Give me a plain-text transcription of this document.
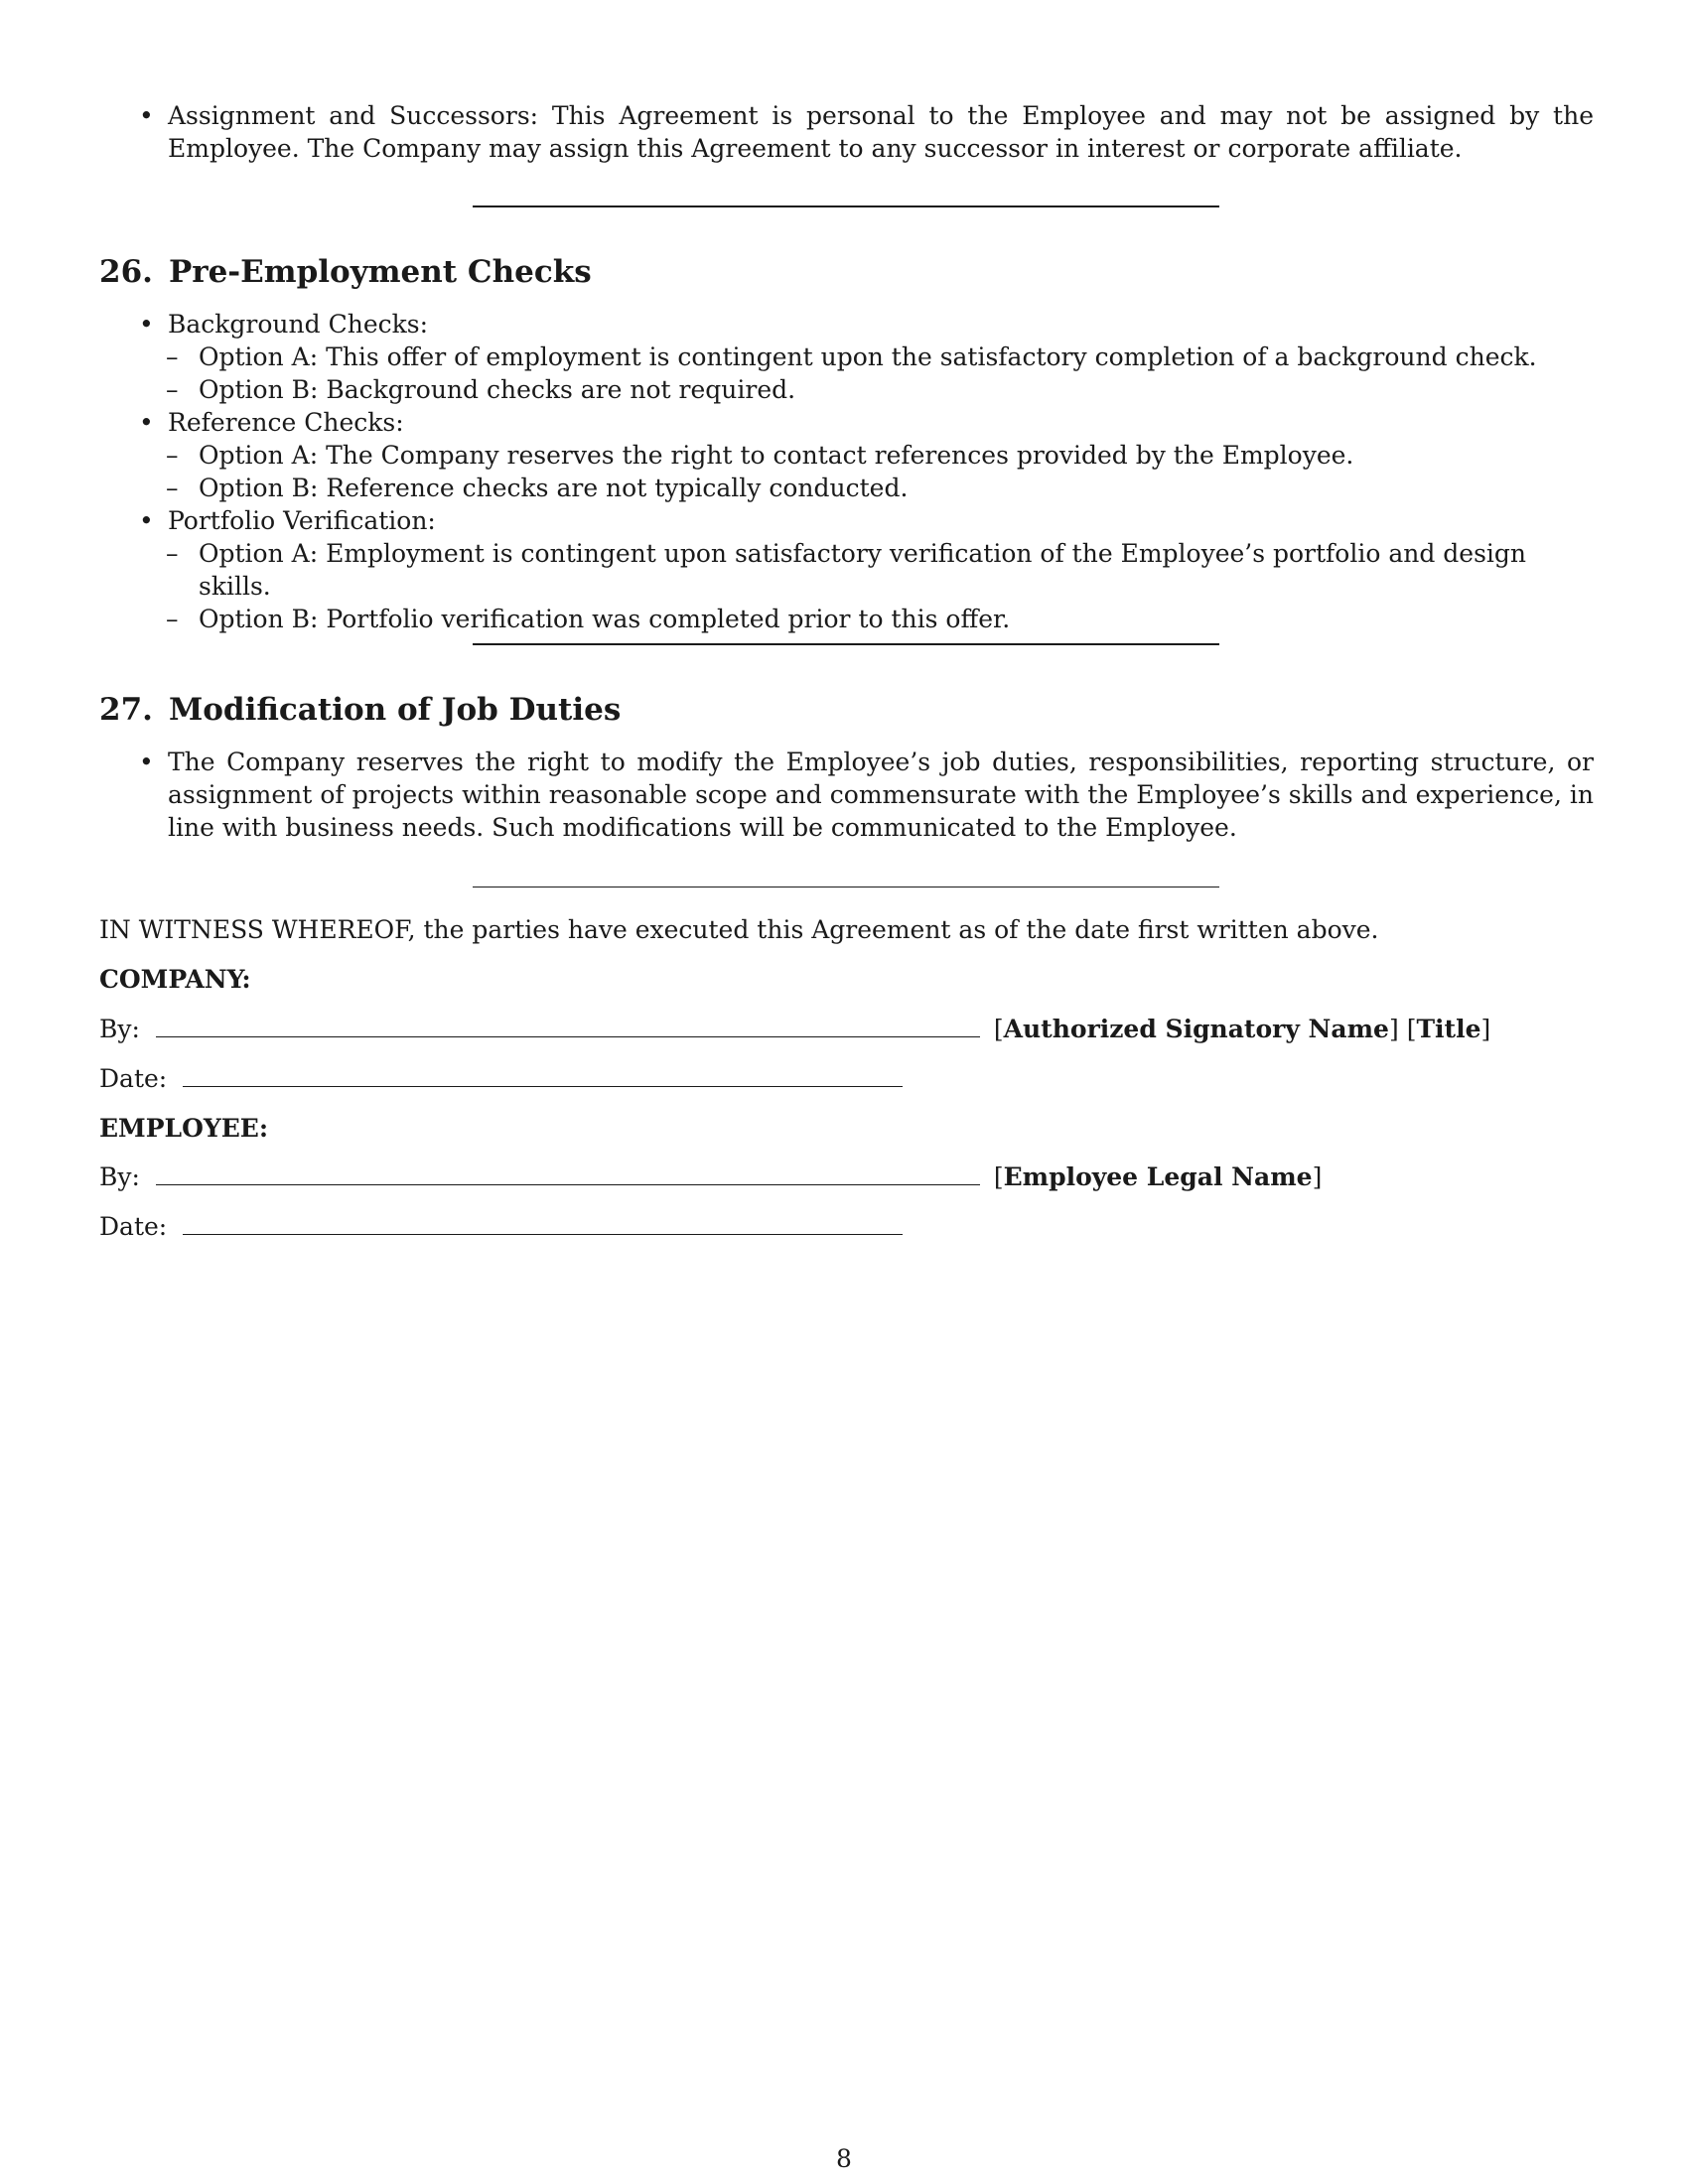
• Assignment and Successors: This Agreement is personal to the Employee and may not be assigned by the Employee. The Company may assign this Agreement to any successor in interest or corporate affiliate.
26. Pre-Employment Checks
• Background Checks:
– Option A: This offer of employment is contingent upon the satisfactory completion of a background check.
– Option B: Background checks are not required.
• Reference Checks:
– Option A: The Company reserves the right to contact references provided by the Employee.
– Option B: Reference checks are not typically conducted.
• Portfolio Verification:
– Option A: Employment is contingent upon satisfactory verification of the Employee’s portfolio and design skills.
– Option B: Portfolio verification was completed prior to this offer.
27. Modification of Job Duties
• The Company reserves the right to modify the Employee’s job duties, responsibilities, reporting structure, or assignment of projects within reasonable scope and commensurate with the Employee’s skills and experience, in line with business needs. Such modifications will be communicated to the Employee.
IN WITNESS WHEREOF, the parties have executed this Agreement as of the date first written above.
COMPANY:
By:	[Authorized Signatory Name] [Title]
Date:
EMPLOYEE:
By:	[Employee Legal Name]
Date:
8
